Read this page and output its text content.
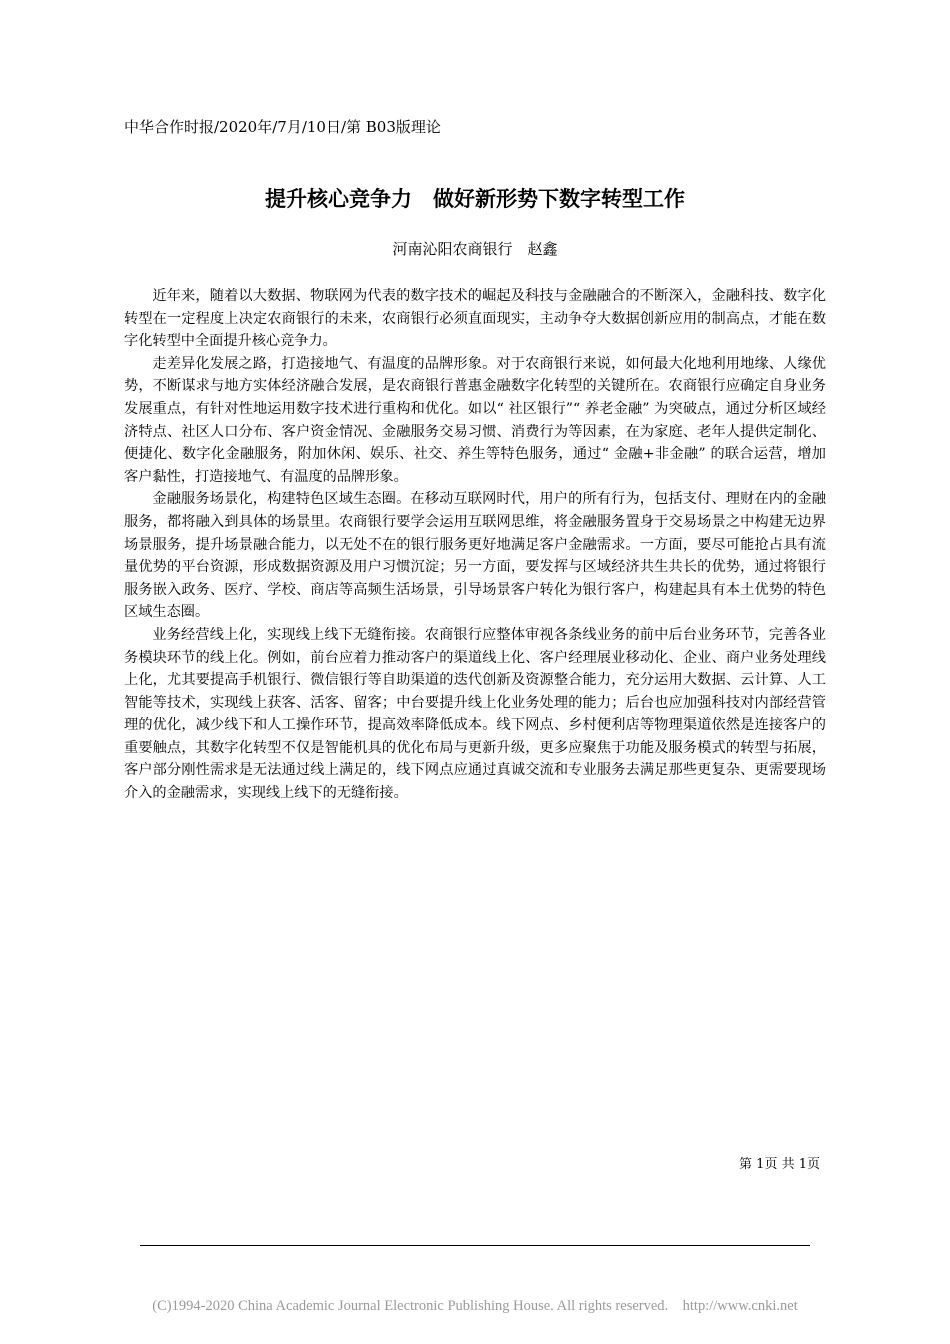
中华合作时报/2020年/7月/10日/第 B03版理论
提升核心竞争力　做好新形势下数字转型工作
河南沁阳农商银行　赵鑫

近年来，随着以大数据、物联网为代表的数字技术的崛起及科技与金融融合的不断深入，金融科技、数字化转型在一定程度上决定农商银行的未来，农商银行必须直面现实，主动争夺大数据创新应用的制高点，才能在数字化转型中全面提升核心竞争力。

走差异化发展之路，打造接地气、有温度的品牌形象。对于农商银行来说，如何最大化地利用地缘、人缘优势，不断谋求与地方实体经济融合发展，是农商银行普惠金融数字化转型的关键所在。农商银行应确定自身业务发展重点，有针对性地运用数字技术进行重构和优化。如以“ 社区银行”“ 养老金融” 为突破点，通过分析区域经济特点、社区人口分布、客户资金情况、金融服务交易习惯、消费行为等因素，在为家庭、老年人提供定制化、便捷化、数字化金融服务，附加休闲、娱乐、社交、养生等特色服务，通过“ 金融+非金融” 的联合运营，增加客户黏性，打造接地气、有温度的品牌形象。

金融服务场景化，构建特色区域生态圈。在移动互联网时代，用户的所有行为，包括支付、理财在内的金融服务，都将融入到具体的场景里。农商银行要学会运用互联网思维，将金融服务置身于交易场景之中构建无边界场景服务，提升场景融合能力，以无处不在的银行服务更好地满足客户金融需求。一方面，要尽可能抢占具有流量优势的平台资源，形成数据资源及用户习惯沉淀；另一方面，要发挥与区域经济共生共长的优势，通过将银行服务嵌入政务、医疗、学校、商店等高频生活场景，引导场景客户转化为银行客户，构建起具有本土优势的特色区域生态圈。

业务经营线上化，实现线上线下无缝衔接。农商银行应整体审视各条线业务的前中后台业务环节，完善各业务模块环节的线上化。例如，前台应着力推动客户的渠道线上化、客户经理展业移动化、企业、商户业务处理线上化，尤其要提高手机银行、微信银行等自助渠道的迭代创新及资源整合能力，充分运用大数据、云计算、人工智能等技术，实现线上获客、活客、留客；中台要提升线上化业务处理的能力；后台也应加强科技对内部经营管理的优化，减少线下和人工操作环节，提高效率降低成本。线下网点、乡村便利店等物理渠道依然是连接客户的重要触点，其数字化转型不仅是智能机具的优化布局与更新升级，更多应聚焦于功能及服务模式的转型与拓展，客户部分刚性需求是无法通过线上满足的，线下网点应通过真诚交流和专业服务去满足那些更复杂、更需要现场介入的金融需求，实现线上线下的无缝衔接。

第 1页 共 1页
(C)1994-2020 China Academic Journal Electronic Publishing House. All rights reserved.    http://www.cnki.net
